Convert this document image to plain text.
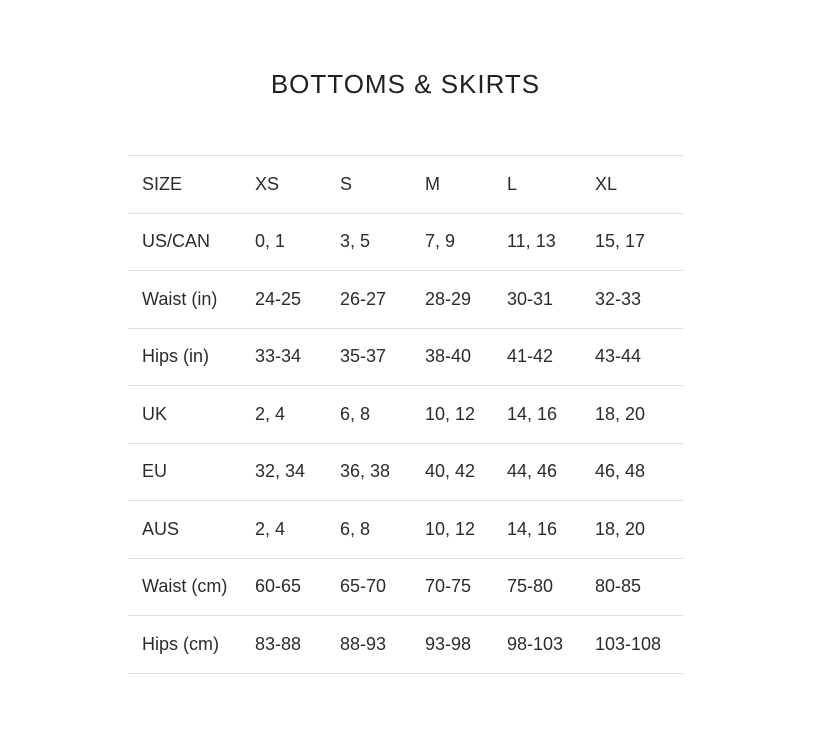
BOTTOMS & SKIRTS
SIZE	XS	S	M	L	XL
US/CAN	0, 1	3, 5	7, 9	11, 13	15, 17
Waist (in)	24-25	26-27	28-29	30-31	32-33
Hips (in)	33-34	35-37	38-40	41-42	43-44
UK	2, 4	6, 8	10, 12	14, 16	18, 20
EU	32, 34	36, 38	40, 42	44, 46	46, 48
AUS	2, 4	6, 8	10, 12	14, 16	18, 20
Waist (cm)	60-65	65-70	70-75	75-80	80-85
Hips (cm)	83-88	88-93	93-98	98-103	103-108
